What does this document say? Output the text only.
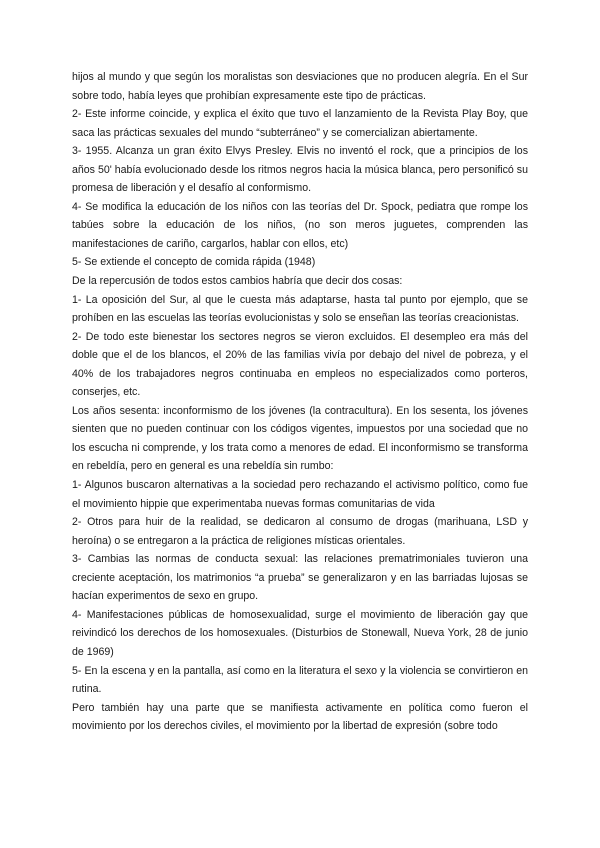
hijos al mundo y que según los moralistas son desviaciones que no producen alegría. En el Sur sobre todo, había leyes que prohibían expresamente este tipo de prácticas.

2- Este informe coincide, y explica el éxito que tuvo el lanzamiento de la Revista Play Boy, que saca las prácticas sexuales del mundo “subterráneo” y se comercializan abiertamente.

3- 1955. Alcanza un gran éxito Elvys Presley. Elvis no inventó el rock, que a principios de los años 50' había evolucionado desde los ritmos negros hacia la música blanca, pero personificó su promesa de liberación y el desafío al conformismo.

4- Se modifica la educación de los niños con las teorías del Dr. Spock, pediatra que rompe los tabúes sobre la educación de los niños, (no son meros juguetes, comprenden las manifestaciones de cariño, cargarlos, hablar con ellos, etc)

5- Se extiende el concepto de comida rápida (1948)

De la repercusión de todos estos cambios habría que decir dos cosas:

1- La oposición del Sur, al que le cuesta más adaptarse, hasta tal punto por ejemplo, que se prohíben en las escuelas las teorías evolucionistas y solo se enseñan las teorías creacionistas.

2- De todo este bienestar los sectores negros se vieron excluidos. El desempleo era más del doble que el de los blancos, el 20% de las familias vivía por debajo del nivel de pobreza, y el 40% de los trabajadores negros continuaba en empleos no especializados como porteros, conserjes, etc.

Los años sesenta: inconformismo de los jóvenes (la contracultura). En los sesenta, los jóvenes sienten que no pueden continuar con los códigos vigentes, impuestos por una sociedad que no los escucha ni comprende, y los trata como a menores de edad. El inconformismo se transforma en rebeldía, pero en general es una rebeldía sin rumbo:

1- Algunos buscaron alternativas a la sociedad pero rechazando el activismo político, como fue el movimiento hippie que experimentaba nuevas formas comunitarias de vida

2- Otros para huir de la realidad, se dedicaron al consumo de drogas (marihuana, LSD y heroína) o se entregaron a la práctica de religiones místicas orientales.

3- Cambias las normas de conducta sexual: las relaciones prematrimoniales tuvieron una creciente aceptación, los matrimonios “a prueba” se generalizaron y en las barriadas lujosas se hacían experimentos de sexo en grupo.

4- Manifestaciones públicas de homosexualidad, surge el movimiento de liberación gay que reivindicó los derechos de los homosexuales. (Disturbios de Stonewall, Nueva York, 28 de junio de 1969)

5- En la escena y en la pantalla, así como en la literatura el sexo y la violencia se convirtieron en rutina.

Pero también hay una parte que se manifiesta activamente en política como fueron el movimiento por los derechos civiles, el movimiento por la libertad de expresión (sobre todo
